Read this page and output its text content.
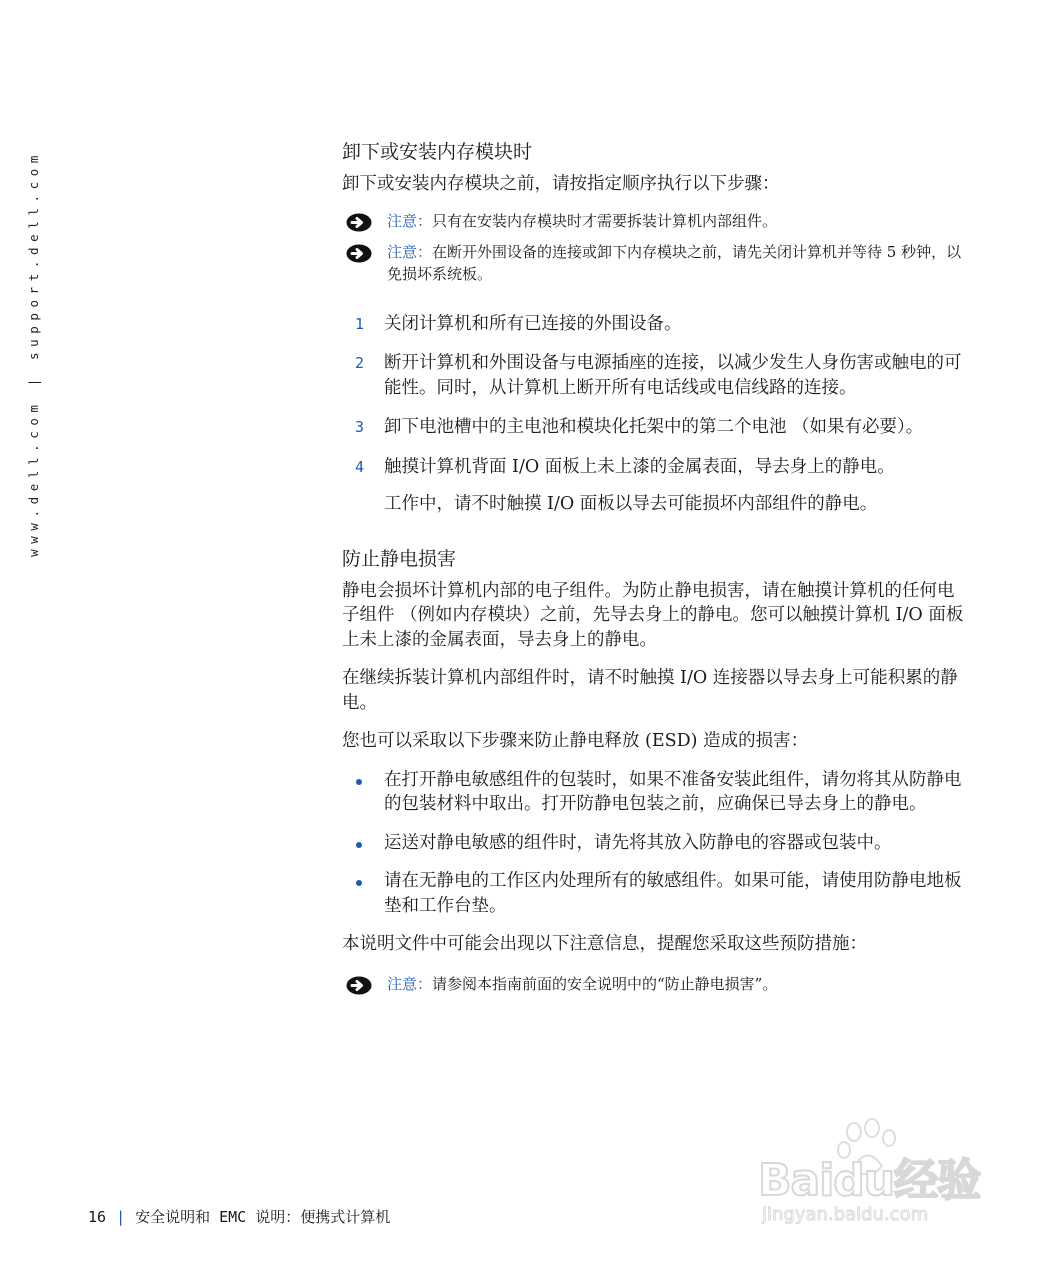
www.dell.com | support.dell.com	卸下或安装内存模块时

卸下或安装内存模块之前，请按指定顺序执行以下步骤：

注意：只有在安装内存模块时才需要拆装计算机内部组件。
注意：在断开外围设备的连接或卸下内存模块之前，请先关闭计算机并等待 5 秒钟，以免损坏系统板。
1 关闭计算机和所有已连接的外围设备。
2 断开计算机和外围设备与电源插座的连接，以减少发生人身伤害或触电的可能性。同时，从计算机上断开所有电话线或电信线路的连接。
3 卸下电池槽中的主电池和模块化托架中的第二个电池 （如果有必要）。
4 触摸计算机背面 I/O 面板上未上漆的金属表面，导去身上的静电。

工作中，请不时触摸 I/O 面板以导去可能损坏内部组件的静电。

防止静电损害

静电会损坏计算机内部的电子组件。为防止静电损害，请在触摸计算机的任何电子组件 （例如内存模块）之前，先导去身上的静电。您可以触摸计算机 I/O 面板上未上漆的金属表面，导去身上的静电。

在继续拆装计算机内部组件时，请不时触摸 I/O 连接器以导去身上可能积累的静电。

您也可以采取以下步骤来防止静电释放 (ESD) 造成的损害：

在打开静电敏感组件的包装时，如果不准备安装此组件，请勿将其从防静电的包装材料中取出。打开防静电包装之前，应确保已导去身上的静电。
运送对静电敏感的组件时，请先将其放入防静电的容器或包装中。
请在无静电的工作区内处理所有的敏感组件。如果可能，请使用防静电地板垫和工作台垫。

本说明文件中可能会出现以下注意信息，提醒您采取这些预防措施：

注意：请参阅本指南前面的安全说明中的“防止静电损害”。
16 | 安全说明和 EMC 说明：便携式计算机
Baidu经验
jingyan.baidu.com
